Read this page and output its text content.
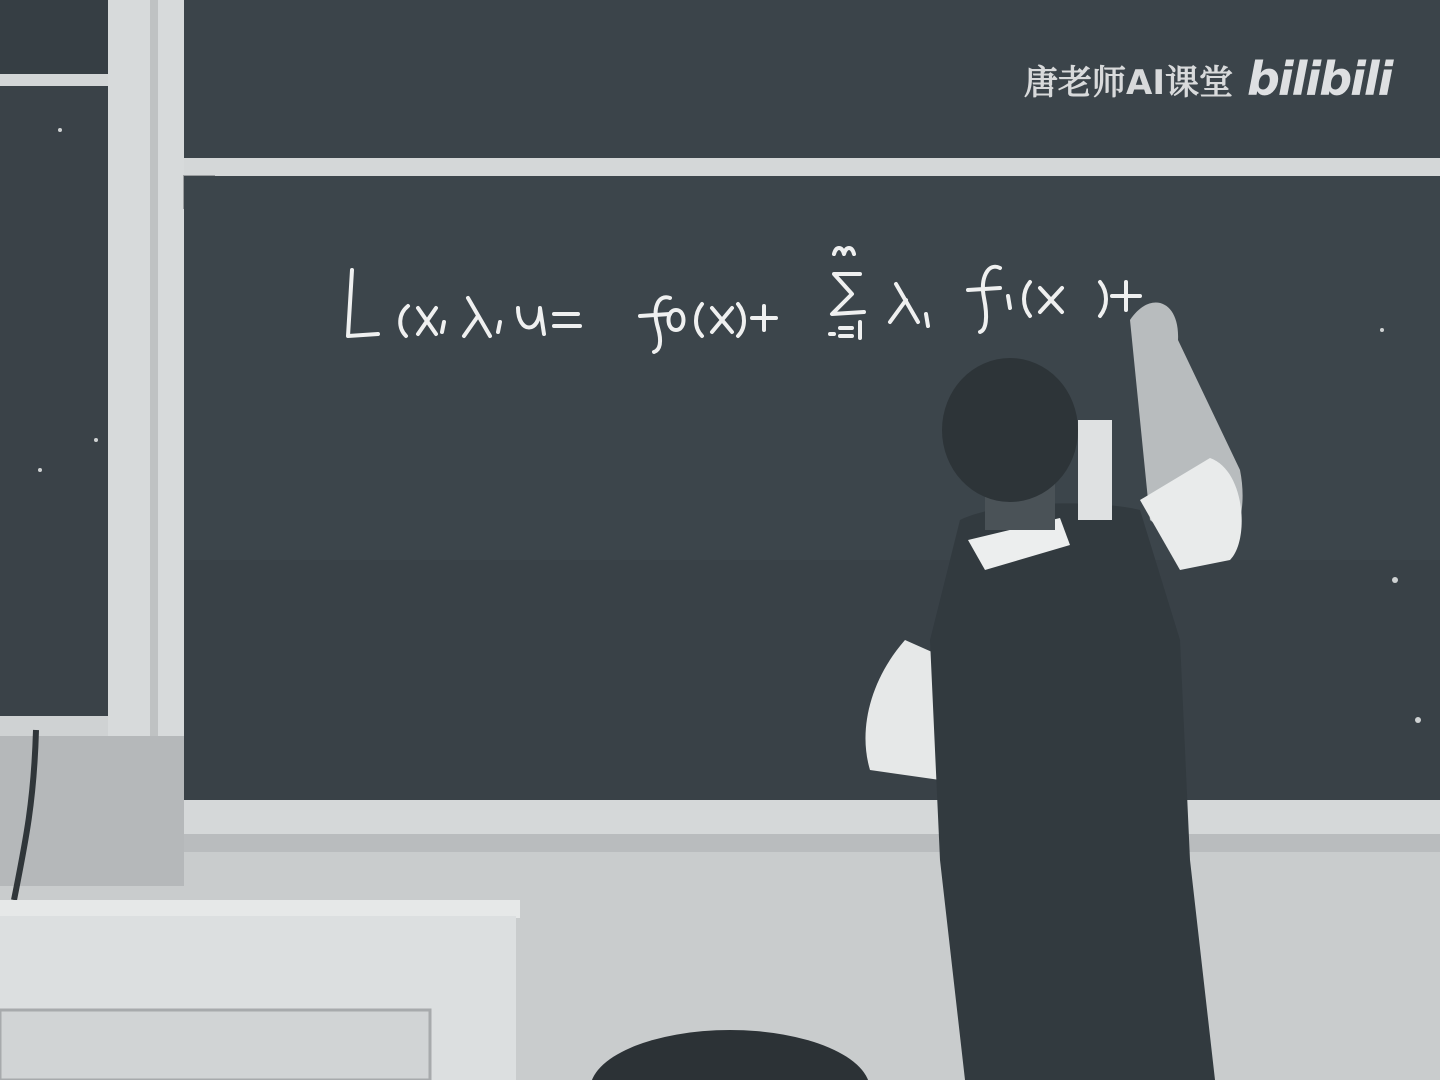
唐老师AI课堂 bilibili
